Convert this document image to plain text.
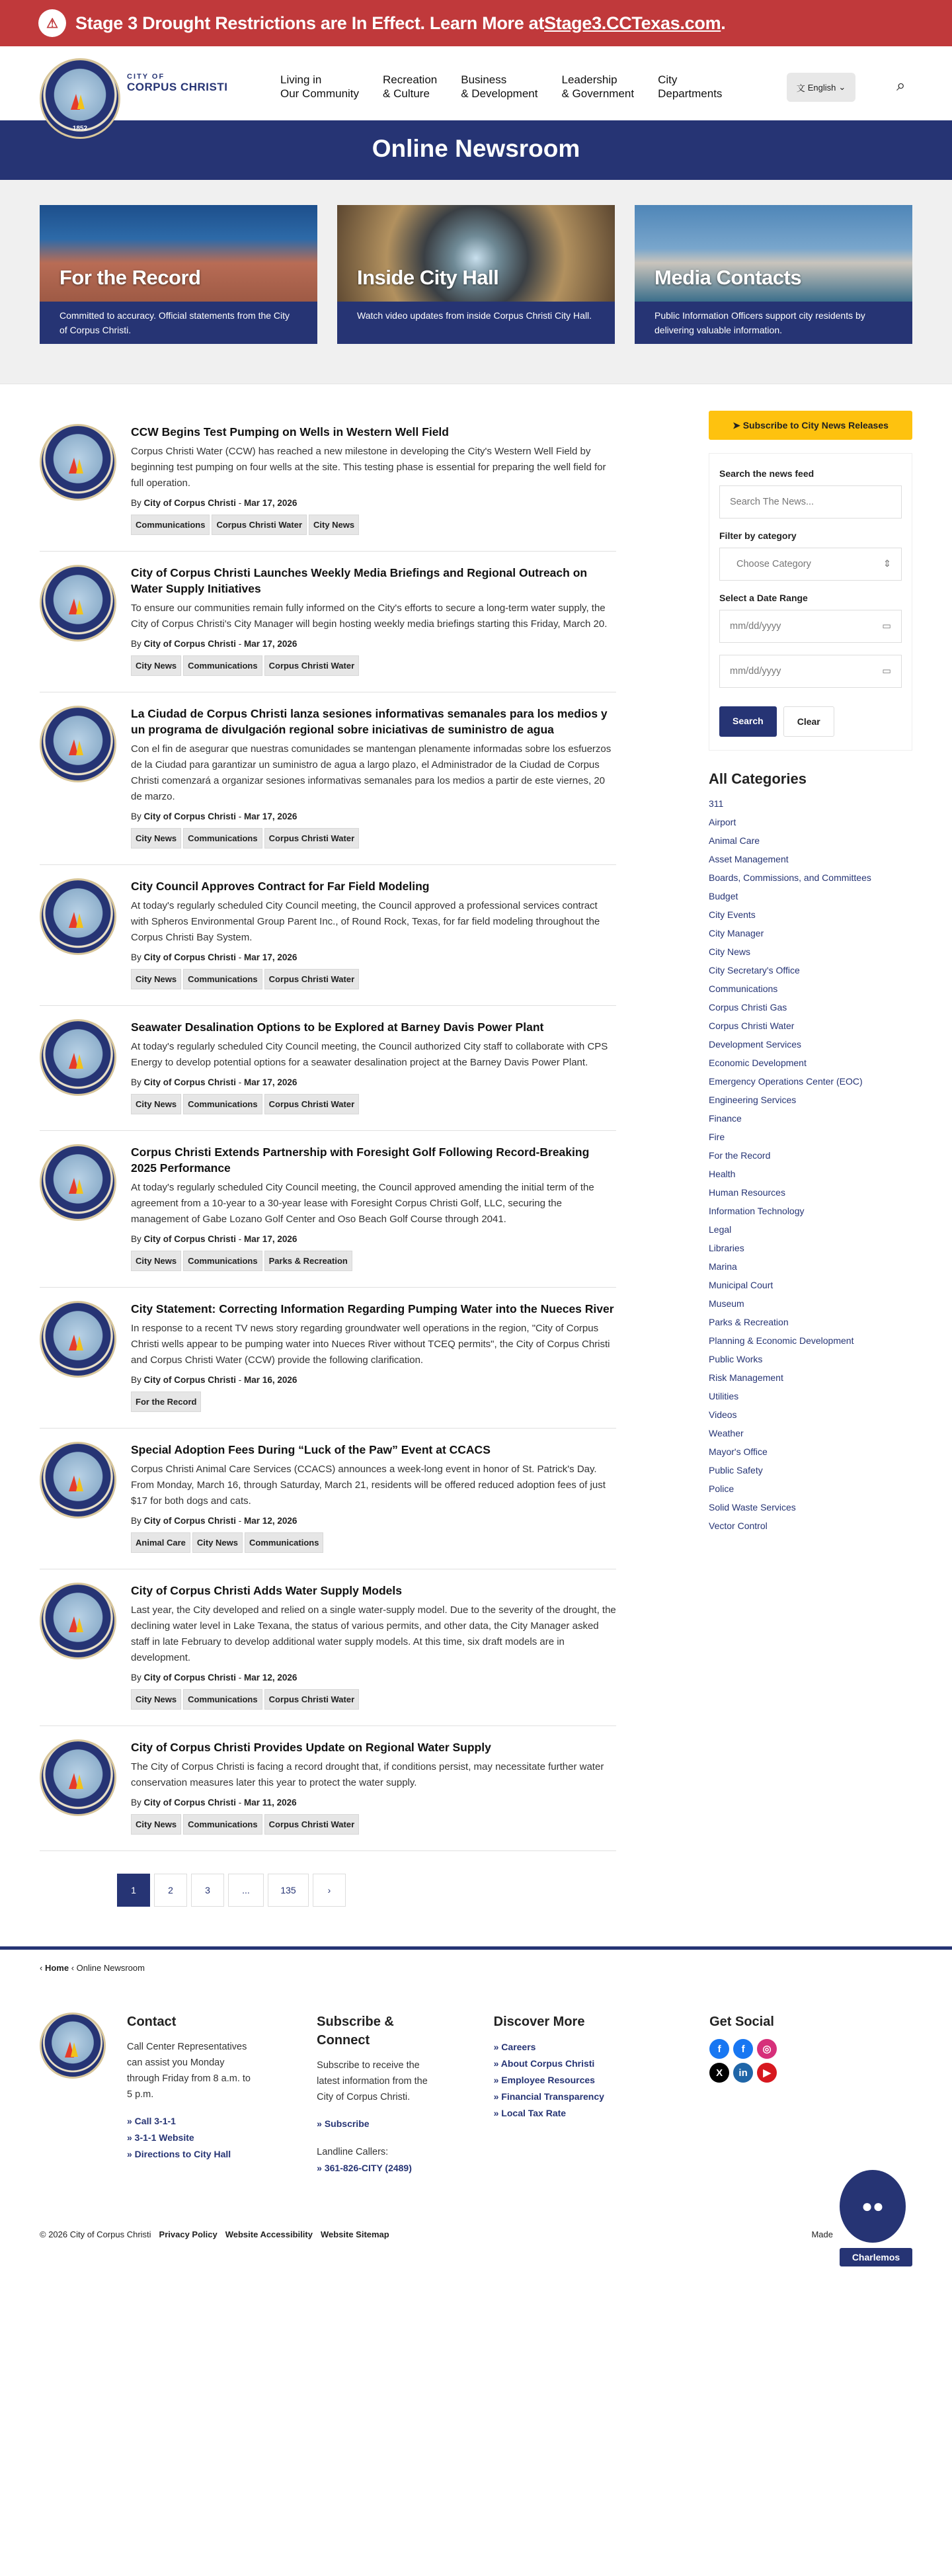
⚠ Stage 3 Drought Restrictions are In Effect. Learn More at Stage3.CCTexas.com .
1852
CITY OF
CORPUS CHRISTI
Living in
Our Community
Recreation
& Culture
Business
& Development
Leadership
& Government
City
Departments	文 English ⌄	⌕
Online Newsroom
For the Record
Committed to accuracy. Official statements from the City of Corpus Christi.
Inside City Hall
Watch video updates from inside Corpus Christi City Hall.
Media Contacts
Public Information Officers support city residents by delivering valuable information.
CCW Begins Test Pumping on Wells in Western Well Field

Corpus Christi Water (CCW) has reached a new milestone in developing the City's Western Well Field by beginning test pumping on four wells at the site. This testing phase is essential for preparing the well field for full operation.

By City of Corpus Christi - Mar 17, 2026
Communications	Corpus Christi Water	City News
City of Corpus Christi Launches Weekly Media Briefings and Regional Outreach on Water Supply Initiatives

To ensure our communities remain fully informed on the City's efforts to secure a long-term water supply, the City of Corpus Christi's City Manager will begin hosting weekly media briefings starting this Friday, March 20.

By City of Corpus Christi - Mar 17, 2026
City News	Communications	Corpus Christi Water
La Ciudad de Corpus Christi lanza sesiones informativas semanales para los medios y un programa de divulgación regional sobre iniciativas de suministro de agua

Con el fin de asegurar que nuestras comunidades se mantengan plenamente informadas sobre los esfuerzos de la Ciudad para garantizar un suministro de agua a largo plazo, el Administrador de la Ciudad de Corpus Christi comenzará a organizar sesiones informativas semanales para los medios a partir de este viernes, 20 de marzo.

By City of Corpus Christi - Mar 17, 2026
City News	Communications	Corpus Christi Water
City Council Approves Contract for Far Field Modeling

At today's regularly scheduled City Council meeting, the Council approved a professional services contract with Spheros Environmental Group Parent Inc., of Round Rock, Texas, for far field modeling throughout the Corpus Christi Bay System.

By City of Corpus Christi - Mar 17, 2026
City News	Communications	Corpus Christi Water
Seawater Desalination Options to be Explored at Barney Davis Power Plant

At today's regularly scheduled City Council meeting, the Council authorized City staff to collaborate with CPS Energy to develop potential options for a seawater desalination project at the Barney Davis Power Plant.

By City of Corpus Christi - Mar 17, 2026
City News	Communications	Corpus Christi Water
Corpus Christi Extends Partnership with Foresight Golf Following Record-Breaking 2025 Performance

At today's regularly scheduled City Council meeting, the Council approved amending the initial term of the agreement from a 10-year to a 30-year lease with Foresight Corpus Christi Golf, LLC, securing the management of Gabe Lozano Golf Center and Oso Beach Golf Course through 2041.

By City of Corpus Christi - Mar 17, 2026
City News	Communications	Parks & Recreation
City Statement: Correcting Information Regarding Pumping Water into the Nueces River

In response to a recent TV news story regarding groundwater well operations in the region, "City of Corpus Christi wells appear to be pumping water into Nueces River without TCEQ permits", the City of Corpus Christi and Corpus Christi Water (CCW) provide the following clarification.

By City of Corpus Christi - Mar 16, 2026
For the Record
Special Adoption Fees During “Luck of the Paw” Event at CCACS

Corpus Christi Animal Care Services (CCACS) announces a week-long event in honor of St. Patrick's Day. From Monday, March 16, through Saturday, March 21, residents will be offered reduced adoption fees of just $17 for both dogs and cats.

By City of Corpus Christi - Mar 12, 2026
Animal Care	City News	Communications
City of Corpus Christi Adds Water Supply Models

Last year, the City developed and relied on a single water-supply model. Due to the severity of the drought, the declining water level in Lake Texana, the status of various permits, and other data, the City Manager asked staff in late February to develop additional water supply models. At this time, six draft models are in development.

By City of Corpus Christi - Mar 12, 2026
City News	Communications	Corpus Christi Water
City of Corpus Christi Provides Update on Regional Water Supply

The City of Corpus Christi is facing a record drought that, if conditions persist, may necessitate further water conservation measures later this year to protect the water supply.

By City of Corpus Christi - Mar 11, 2026
City News	Communications	Corpus Christi Water
1	2	3	...	135	›
➤ Subscribe to City News Releases
Search the news feed
Search The News...
Filter by category
Choose Category	⇕
Select a Date Range
mm/dd/yyyy	▭
mm/dd/yyyy	▭
Search	Clear
All Categories
311
Airport
Animal Care
Asset Management
Boards, Commissions, and Committees
Budget
City Events
City Manager
City News
City Secretary's Office
Communications
Corpus Christi Gas
Corpus Christi Water
Development Services
Economic Development
Emergency Operations Center (EOC)
Engineering Services
Finance
Fire
For the Record
Health
Human Resources
Information Technology
Legal
Libraries
Marina
Municipal Court
Museum
Parks & Recreation
Planning & Economic Development
Public Works
Risk Management
Utilities
Videos
Weather
Mayor's Office
Public Safety
Police
Solid Waste Services
Vector Control
‹ Home ‹ Online Newsroom
Contact

Call Center Representatives can assist you Monday through Friday from 8 a.m. to 5 p.m.

» Call 3-1-1
» 3-1-1 Website
» Directions to City Hall
Subscribe & Connect

Subscribe to receive the latest information from the City of Corpus Christi.

» Subscribe

Landline Callers:

» 361-826-CITY (2489)
Discover More
» Careers
» About Corpus Christi
» Employee Resources
» Financial Transparency
» Local Tax Rate
Get Social
f	f	◎
X	in	▶
© 2026 City of Corpus Christi Privacy Policy Website Accessibility Website Sitemap	Made
●●
Charlemos
